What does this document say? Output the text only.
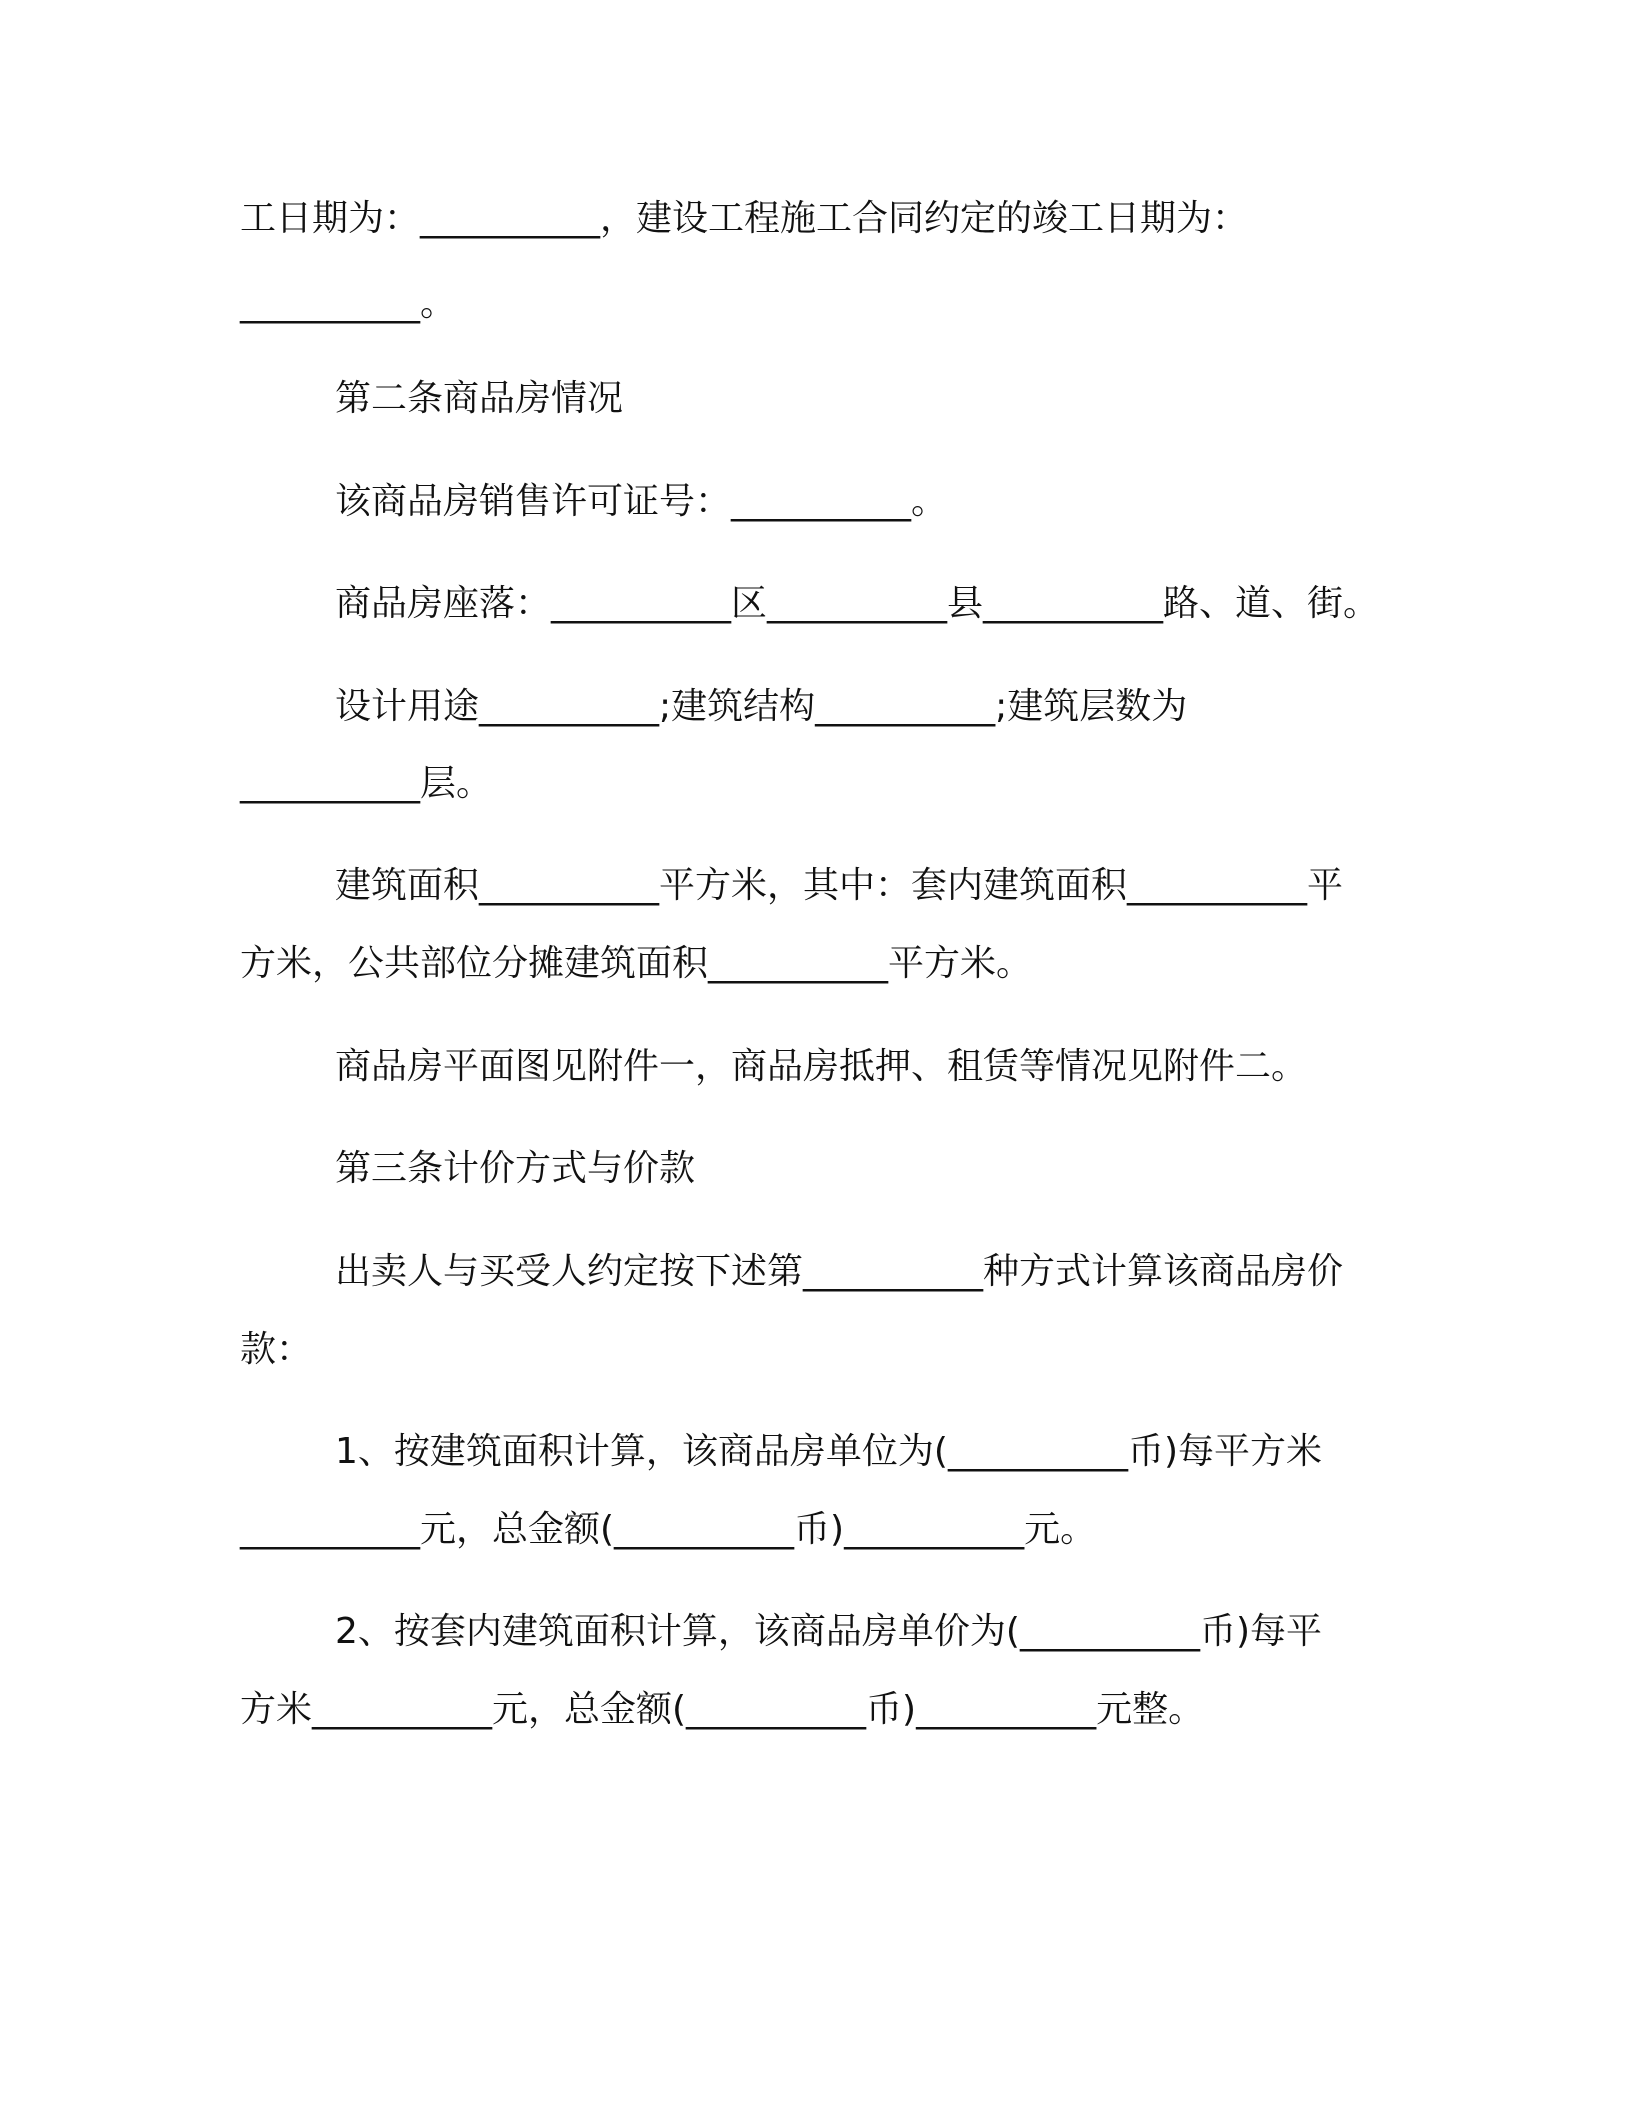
工日期为：__________，建设工程施工合同约定的竣工日期为：
__________。
第二条商品房情况
该商品房销售许可证号：__________。
商品房座落：__________区__________县__________路、道、街。
设计用途__________;建筑结构__________;建筑层数为
__________层。
建筑面积__________平方米，其中：套内建筑面积__________平
方米，公共部位分摊建筑面积__________平方米。
商品房平面图见附件一，商品房抵押、租赁等情况见附件二。
第三条计价方式与价款
出卖人与买受人约定按下述第__________种方式计算该商品房价
款：
1、按建筑面积计算，该商品房单位为(__________币)每平方米
__________元，总金额(__________币)__________元。
2、按套内建筑面积计算，该商品房单价为(__________币)每平
方米__________元，总金额(__________币)__________元整。
